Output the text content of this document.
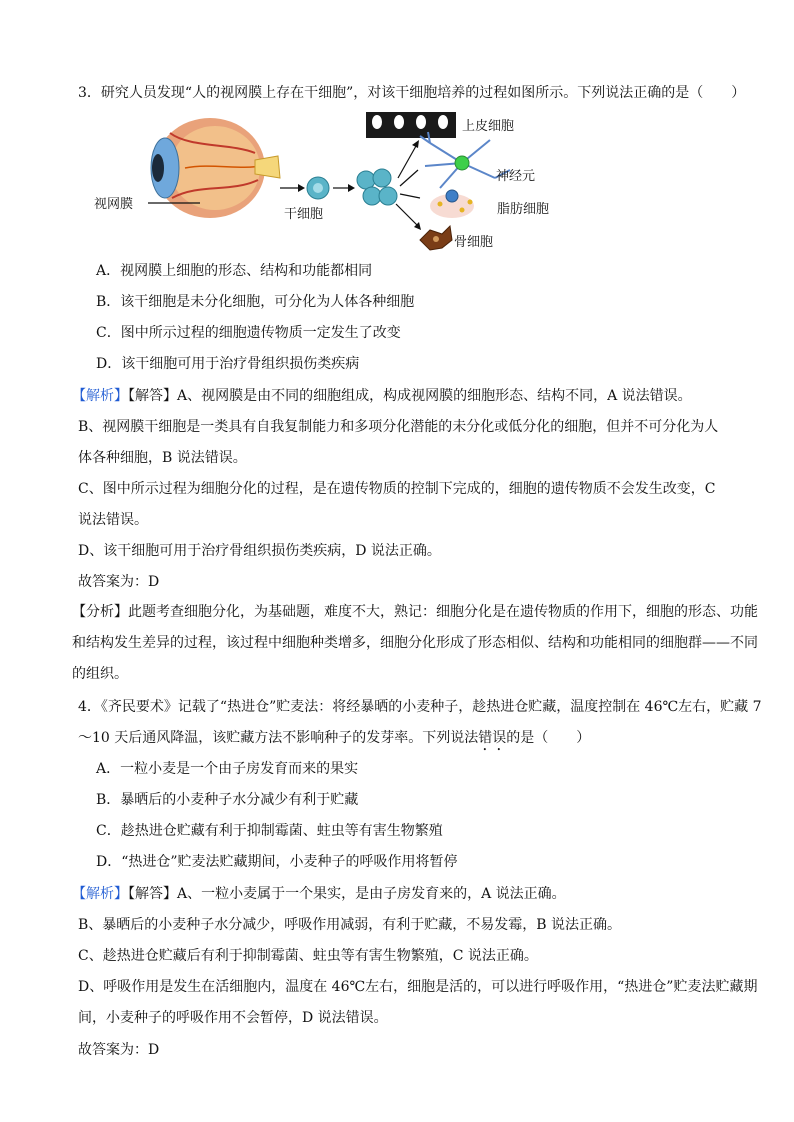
3．研究人员发现“人的视网膜上存在干细胞”，对该干细胞培养的过程如图所示。下列说法正确的是（　　）
视网膜
干细胞
上皮细胞
神经元
脂肪细胞
骨细胞
A．视网膜上细胞的形态、结构和功能都相同
B．该干细胞是未分化细胞，可分化为人体各种细胞
C．图中所示过程的细胞遗传物质一定发生了改变
D．该干细胞可用于治疗骨组织损伤类疾病
【解析】【解答】A、视网膜是由不同的细胞组成，构成视网膜的细胞形态、结构不同，A 说法错误。
B、视网膜干细胞是一类具有自我复制能力和多项分化潜能的未分化或低分化的细胞，但并不可分化为人
体各种细胞，B 说法错误。
C、图中所示过程为细胞分化的过程，是在遗传物质的控制下完成的，细胞的遗传物质不会发生改变，C
说法错误。
D、该干细胞可用于治疗骨组织损伤类疾病，D 说法正确。
故答案为：D
【分析】此题考查细胞分化，为基础题，难度不大，熟记：细胞分化是在遗传物质的作用下，细胞的形态、功能和结构发生差异的过程，该过程中细胞种类增多，细胞分化形成了形态相似、结构和功能相同的细胞群——不同的组织。
4．《齐民要术》记载了“热进仓”贮麦法：将经暴晒的小麦种子，趁热进仓贮藏，温度控制在 46℃左右，贮藏 7～10 天后通风降温，该贮藏方法不影响种子的发芽率。下列说法错误的是（　　）
A．一粒小麦是一个由子房发育而来的果实
B．暴晒后的小麦种子水分减少有利于贮藏
C．趁热进仓贮藏有利于抑制霉菌、蛀虫等有害生物繁殖
D．“热进仓”贮麦法贮藏期间，小麦种子的呼吸作用将暂停
【解析】【解答】A、一粒小麦属于一个果实，是由子房发育来的，A 说法正确。
B、暴晒后的小麦种子水分减少，呼吸作用减弱，有利于贮藏，不易发霉，B 说法正确。
C、趁热进仓贮藏后有利于抑制霉菌、蛀虫等有害生物繁殖，C 说法正确。
D、呼吸作用是发生在活细胞内，温度在 46℃左右，细胞是活的，可以进行呼吸作用，“热进仓”贮麦法贮藏期间，小麦种子的呼吸作用不会暂停，D 说法错误。
故答案为：D
